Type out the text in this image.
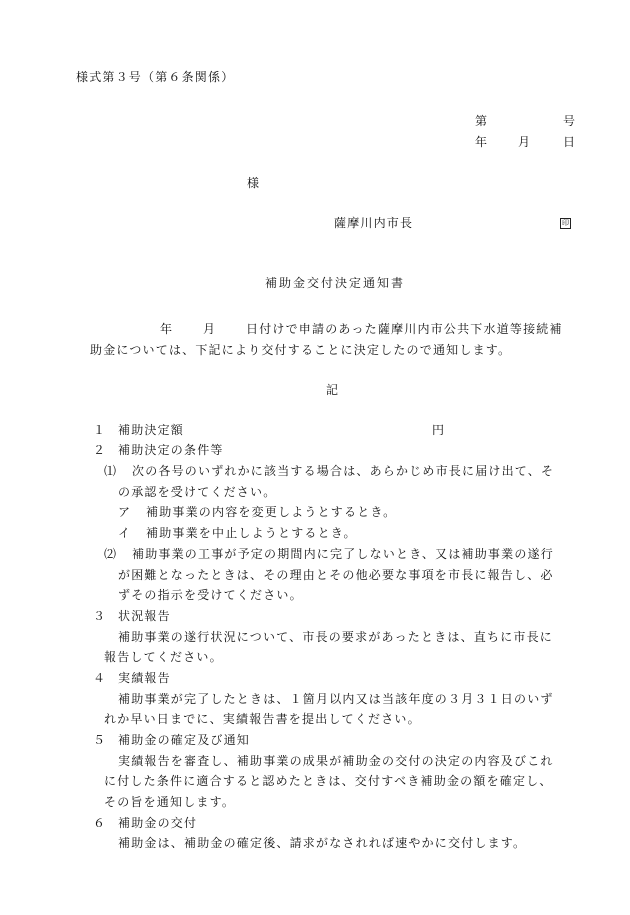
様式第３号（第６条関係）
第	号
年 月	日
様
薩摩川内市長	印
補助金交付決定通知書
年 月 日付けで申請のあった薩摩川内市公共下水道等接続補
助金については、下記により交付することに決定したので通知します。
記
１ 補助決定額	円
２ 補助決定の条件等
⑴ 次の各号のいずれかに該当する場合は、あらかじめ市長に届け出て、そ
の承認を受けてください。
ア 補助事業の内容を変更しようとするとき。
イ 補助事業を中止しようとするとき。
⑵ 補助事業の工事が予定の期間内に完了しないとき、又は補助事業の遂行
が困難となったときは、その理由とその他必要な事項を市長に報告し、必
ずその指示を受けてください。
３ 状況報告
補助事業の遂行状況について、市長の要求があったときは、直ちに市長に
報告してください。
４ 実績報告
補助事業が完了したときは、１箇月以内又は当該年度の３月３１日のいず
れか早い日までに、実績報告書を提出してください。
５ 補助金の確定及び通知
実績報告を審査し、補助事業の成果が補助金の交付の決定の内容及びこれ
に付した条件に適合すると認めたときは、交付すべき補助金の額を確定し、
その旨を通知します。
６ 補助金の交付
補助金は、補助金の確定後、請求がなされれば速やかに交付します。
